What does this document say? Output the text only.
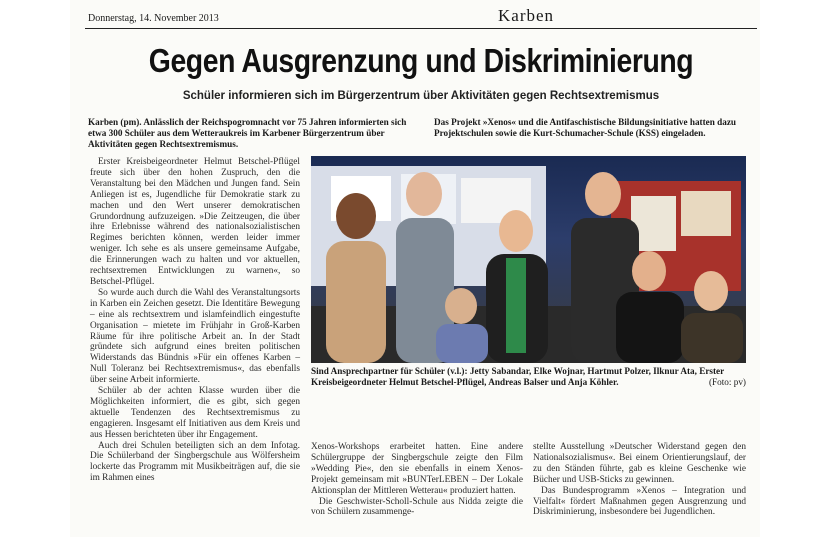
Donnerstag, 14. November 2013	Karben
Gegen Ausgrenzung und Diskriminierung
Schüler informieren sich im Bürgerzentrum über Aktivitäten gegen Rechtsextremismus
Karben (pm). Anlässlich der Reichspogromnacht vor 75 Jahren informierten sich etwa 300 Schüler aus dem Wetteraukreis im Karbener Bürgerzentrum über Aktivitäten gegen Rechtsextremismus.
Das Projekt »Xenos« und die Antifaschistische Bildungsinitiative hatten dazu Projektschulen sowie die Kurt-Schumacher-Schule (KSS) eingeladen.

Erster Kreisbeigeordneter Helmut Betschel-Pflügel freute sich über den hohen Zuspruch, den die Veranstaltung bei den Mädchen und Jungen fand. Sein Anliegen ist es, Jugendliche für Demokratie stark zu machen und den Wert unserer demokratischen Grundordnung aufzuzeigen. »Die Zeitzeugen, die über ihre Erlebnisse während des nationalsozialistischen Regimes berichten können, werden leider immer weniger. Ich sehe es als unsere gemeinsame Aufgabe, die Erinnerungen wach zu halten und vor aktuellen, rechtsextremen Entwicklungen zu warnen«, so Betschel-Pflügel.

So wurde auch durch die Wahl des Veranstaltungsorts in Karben ein Zeichen gesetzt. Die Identitäre Bewegung – eine als rechtsextrem und islamfeindlich eingestufte Organisation – mietete im Frühjahr in Groß-Karben Räume für ihre politische Arbeit an. In der Stadt gründete sich aufgrund eines breiten politischen Widerstands das Bündnis »Für ein offenes Karben – Null Toleranz bei Rechtsextremismus«, das ebenfalls über seine Arbeit informierte.

Schüler ab der achten Klasse wurden über die Möglichkeiten informiert, die es gibt, sich gegen aktuelle Tendenzen des Rechtsextremismus zu engagieren. Insgesamt elf Initiativen aus dem Kreis und aus Hessen berichteten über ihr Engagement.

Auch drei Schulen beteiligten sich an dem Infotag. Die Schülerband der Singbergschule aus Wölfersheim lockerte das Programm mit Musikbeiträgen auf, die sie im Rahmen eines

Sind Ansprechpartner für Schüler (v.l.): Jetty Sabandar, Elke Wojnar, Hartmut Polzer, Ilknur Ata, Erster Kreisbeigeordneter Helmut Betschel-Pflügel, Andreas Balser und Anja Köhler.	(Foto: pv)

Xenos-Workshops erarbeitet hatten. Eine andere Schülergruppe der Singbergschule zeigte den Film »Wedding Pie«, den sie ebenfalls in einem Xenos-Projekt gemeinsam mit »BUNTerLEBEN – Der Lokale Aktionsplan der Mittleren Wetterau« produziert hatten.

Die Geschwister-Scholl-Schule aus Nidda zeigte die von Schülern zusammenge-

stellte Ausstellung »Deutscher Widerstand gegen den Nationalsozialismus«. Bei einem Orientierungslauf, der zu den Ständen führte, gab es kleine Geschenke wie Bücher und USB-Sticks zu gewinnen.

Das Bundesprogramm »Xenos – Integration und Vielfalt« fördert Maßnahmen gegen Ausgrenzung und Diskriminierung, insbesondere bei Jugendlichen.
